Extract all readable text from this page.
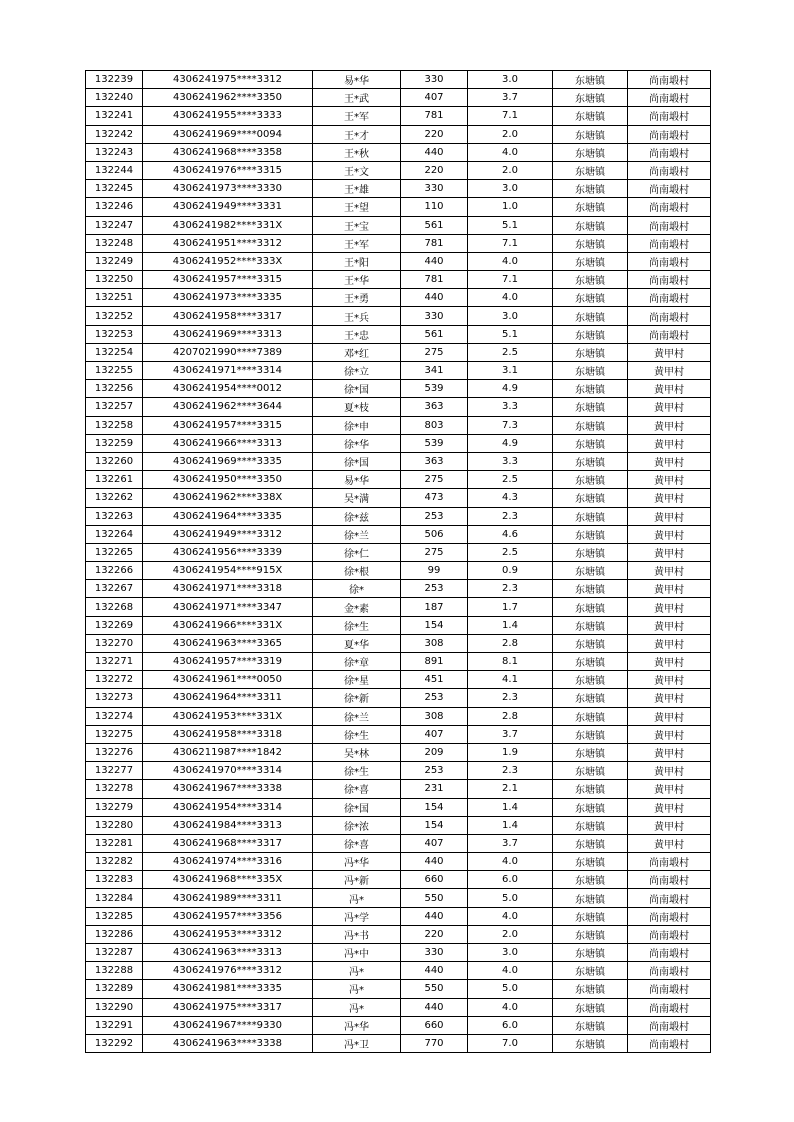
132239	4306241975****3312	易*华	330	3.0	东塘镇	尚南塅村
132240	4306241962****3350	王*武	407	3.7	东塘镇	尚南塅村
132241	4306241955****3333	王*军	781	7.1	东塘镇	尚南塅村
132242	4306241969****0094	王*才	220	2.0	东塘镇	尚南塅村
132243	4306241968****3358	王*秋	440	4.0	东塘镇	尚南塅村
132244	4306241976****3315	王*文	220	2.0	东塘镇	尚南塅村
132245	4306241973****3330	王*雄	330	3.0	东塘镇	尚南塅村
132246	4306241949****3331	王*望	110	1.0	东塘镇	尚南塅村
132247	4306241982****331X	王*宝	561	5.1	东塘镇	尚南塅村
132248	4306241951****3312	王*军	781	7.1	东塘镇	尚南塅村
132249	4306241952****333X	王*阳	440	4.0	东塘镇	尚南塅村
132250	4306241957****3315	王*华	781	7.1	东塘镇	尚南塅村
132251	4306241973****3335	王*勇	440	4.0	东塘镇	尚南塅村
132252	4306241958****3317	王*兵	330	3.0	东塘镇	尚南塅村
132253	4306241969****3313	王*忠	561	5.1	东塘镇	尚南塅村
132254	4207021990****7389	邓*红	275	2.5	东塘镇	黄甲村
132255	4306241971****3314	徐*立	341	3.1	东塘镇	黄甲村
132256	4306241954****0012	徐*国	539	4.9	东塘镇	黄甲村
132257	4306241962****3644	夏*枝	363	3.3	东塘镇	黄甲村
132258	4306241957****3315	徐*申	803	7.3	东塘镇	黄甲村
132259	4306241966****3313	徐*华	539	4.9	东塘镇	黄甲村
132260	4306241969****3335	徐*国	363	3.3	东塘镇	黄甲村
132261	4306241950****3350	易*华	275	2.5	东塘镇	黄甲村
132262	4306241962****338X	吴*满	473	4.3	东塘镇	黄甲村
132263	4306241964****3335	徐*兹	253	2.3	东塘镇	黄甲村
132264	4306241949****3312	徐*兰	506	4.6	东塘镇	黄甲村
132265	4306241956****3339	徐*仁	275	2.5	东塘镇	黄甲村
132266	4306241954****915X	徐*根	99	0.9	东塘镇	黄甲村
132267	4306241971****3318	徐*	253	2.3	东塘镇	黄甲村
132268	4306241971****3347	金*素	187	1.7	东塘镇	黄甲村
132269	4306241966****331X	徐*生	154	1.4	东塘镇	黄甲村
132270	4306241963****3365	夏*华	308	2.8	东塘镇	黄甲村
132271	4306241957****3319	徐*章	891	8.1	东塘镇	黄甲村
132272	4306241961****0050	徐*星	451	4.1	东塘镇	黄甲村
132273	4306241964****3311	徐*新	253	2.3	东塘镇	黄甲村
132274	4306241953****331X	徐*兰	308	2.8	东塘镇	黄甲村
132275	4306241958****3318	徐*生	407	3.7	东塘镇	黄甲村
132276	4306211987****1842	吴*林	209	1.9	东塘镇	黄甲村
132277	4306241970****3314	徐*生	253	2.3	东塘镇	黄甲村
132278	4306241967****3338	徐*喜	231	2.1	东塘镇	黄甲村
132279	4306241954****3314	徐*国	154	1.4	东塘镇	黄甲村
132280	4306241984****3313	徐*浓	154	1.4	东塘镇	黄甲村
132281	4306241968****3317	徐*喜	407	3.7	东塘镇	黄甲村
132282	4306241974****3316	冯*华	440	4.0	东塘镇	尚南塅村
132283	4306241968****335X	冯*新	660	6.0	东塘镇	尚南塅村
132284	4306241989****3311	冯*	550	5.0	东塘镇	尚南塅村
132285	4306241957****3356	冯*学	440	4.0	东塘镇	尚南塅村
132286	4306241953****3312	冯*书	220	2.0	东塘镇	尚南塅村
132287	4306241963****3313	冯*中	330	3.0	东塘镇	尚南塅村
132288	4306241976****3312	冯*	440	4.0	东塘镇	尚南塅村
132289	4306241981****3335	冯*	550	5.0	东塘镇	尚南塅村
132290	4306241975****3317	冯*	440	4.0	东塘镇	尚南塅村
132291	4306241967****9330	冯*华	660	6.0	东塘镇	尚南塅村
132292	4306241963****3338	冯*卫	770	7.0	东塘镇	尚南塅村
